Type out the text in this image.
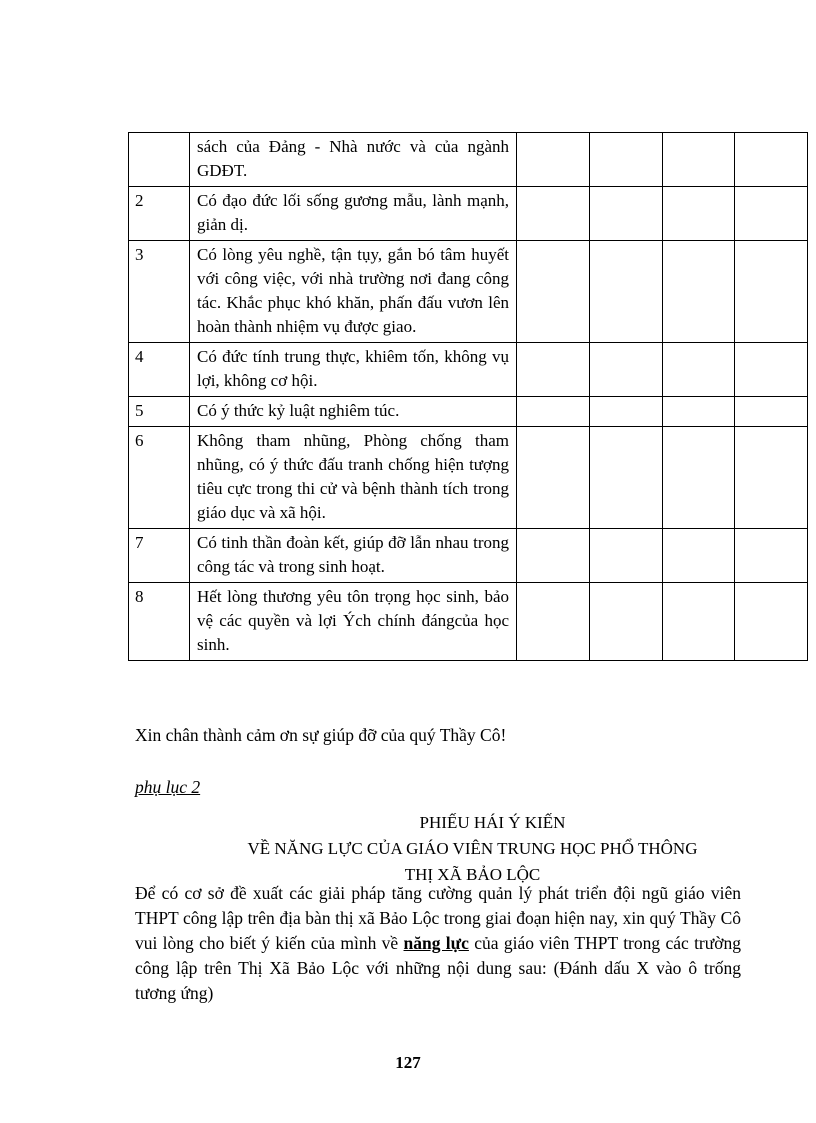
	sách của Đảng - Nhà nước và của ngành GDĐT.				
2	Có đạo đức lối sống gương mẫu, lành mạnh, giản dị.				
3	Có lòng yêu nghề, tận tụy, gắn bó tâm huyết với công việc, với nhà trường nơi đang công tác. Khắc phục khó khăn, phấn đấu vươn lên hoàn thành nhiệm vụ được giao.				
4	Có đức tính trung thực, khiêm tốn, không vụ lợi, không cơ hội.				
5	Có ý thức kỷ luật nghiêm túc.				
6	Không tham nhũng, Phòng chống tham nhũng, có ý thức đấu tranh chống hiện tượng tiêu cực trong thi cử và bệnh thành tích trong giáo dục và xã hội.				
7	Có tinh thần đoàn kết, giúp đỡ lẫn nhau trong công tác và trong sinh hoạt.				
8	Hết lòng thương yêu tôn trọng học sinh, bảo vệ các quyền và lợi Ých chính đángcủa học sinh.				
Xin chân thành cảm ơn sự giúp đỡ của quý Thầy Cô!
phụ lục 2
PHIẾU HÁI Ý KIẾN
VỀ NĂNG LỰC CỦA GIÁO VIÊN TRUNG HỌC PHỔ THÔNG
THỊ XÃ BẢO LỘC
Để có cơ sở đề xuất các giải pháp tăng cường quản lý phát triển đội ngũ giáo viên THPT công lập trên địa bàn thị xã Bảo Lộc trong giai đoạn hiện nay, xin quý Thầy Cô vui lòng cho biết ý kiến của mình về năng lực của giáo viên THPT trong các trường công lập trên Thị Xã Bảo Lộc với những nội dung sau: (Đánh dấu X vào ô trống tương ứng)
127
